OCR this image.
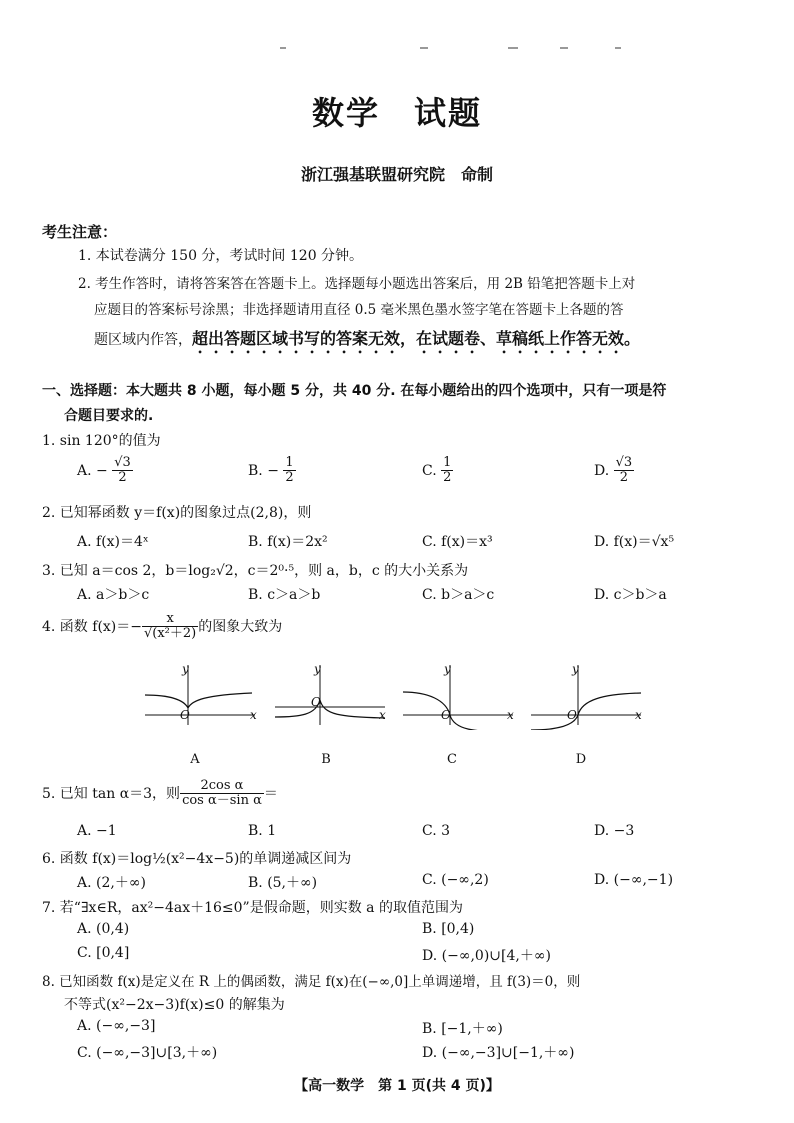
数学　试题
浙江强基联盟研究院　命制
考生注意：
1. 本试卷满分 150 分，考试时间 120 分钟。
2. 考生作答时，请将答案答在答题卡上。选择题每小题选出答案后，用 2B 铅笔把答题卡上对
应题目的答案标号涂黑；非选择题请用直径 0.5 毫米黑色墨水签字笔在答题卡上各题的答
题区域内作答，超出答题区域书写的答案无效，在试题卷、草稿纸上作答无效。
一、选择题：本大题共 8 小题，每小题 5 分，共 40 分. 在每小题给出的四个选项中，只有一项是符
合题目要求的.
1. sin 120°的值为
A. − $\frac{√3}{2}$	B. − $\frac{1}{2}$	C. $\frac{1}{2}$	D. $\frac{√3}{2}$
2. 已知幂函数 y＝f(x)的图象过点(2,8)，则
A. f(x)＝4ˣ	B. f(x)＝2x²	C. f(x)＝x³	D. f(x)＝√x⁵
3. 已知 a＝cos 2，b＝log₂√2，c＝2⁰·⁵，则 a，b，c 的大小关系为
A. a＞b＞c	B. c＞a＞b	C. b＞a＞c	D. c＞b＞a
4. 函数 $f(x)=- \frac{x}{\text{√(x²＋2)}}$ 的图象大致为
y
x
O
y
x
O
y
x
O
y
x
O
A	B	C	D
5. 已知 tan α＝3，则 $\frac{\text{2cos α}}{\text{cos α－sin α}}$ ＝
A. −1	B. 1	C. 3	D. −3
6. 函数 f(x)＝log½(x²−4x−5)的单调递减区间为
A. (2,＋∞)	B. (5,＋∞)	C. (−∞,2)	D. (−∞,−1)
7. 若“∃x∈R，ax²−4ax＋16≤0”是假命题，则实数 a 的取值范围为
A. (0,4)	B. [0,4)
C. [0,4]	D. (−∞,0)∪[4,＋∞)
8. 已知函数 f(x)是定义在 R 上的偶函数，满足 f(x)在(−∞,0]上单调递增，且 f(3)＝0，则
不等式(x²−2x−3)f(x)≤0 的解集为
A. (−∞,−3]	B. [−1,＋∞)
C. (−∞,−3]∪[3,＋∞)	D. (−∞,−3]∪[−1,＋∞)
【高一数学　第 1 页(共 4 页)】
